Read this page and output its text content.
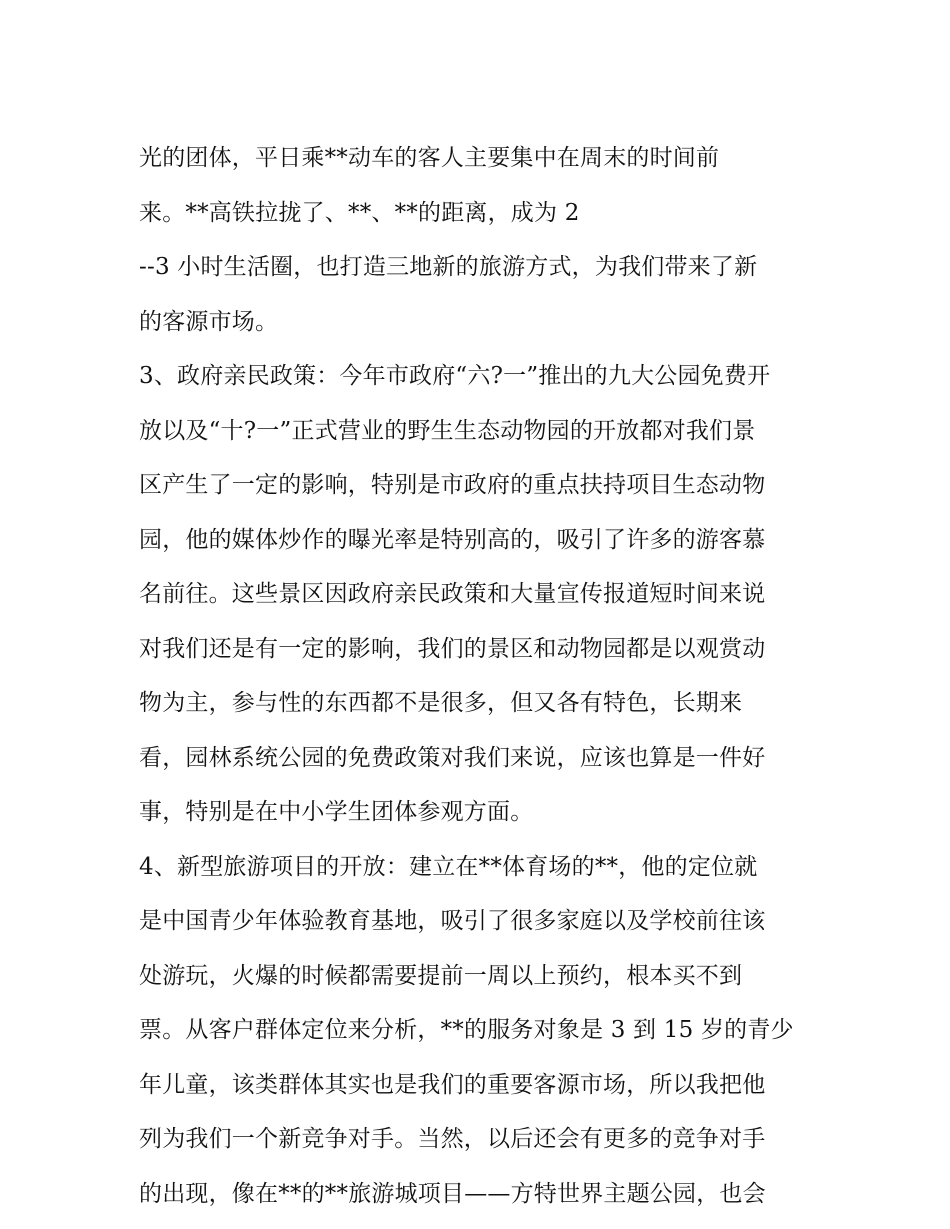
光的团体，平日乘**动车的客人主要集中在周末的时间前
来。**高铁拉拢了、**、**的距离，成为 2
--3 小时生活圈，也打造三地新的旅游方式，为我们带来了新
的客源市场。
3、政府亲民政策：今年市政府“六?一”推出的九大公园免费开
放以及“十?一”正式营业的野生生态动物园的开放都对我们景
区产生了一定的影响，特别是市政府的重点扶持项目生态动物
园，他的媒体炒作的曝光率是特别高的，吸引了许多的游客慕
名前往。这些景区因政府亲民政策和大量宣传报道短时间来说
对我们还是有一定的影响，我们的景区和动物园都是以观赏动
物为主，参与性的东西都不是很多，但又各有特色，长期来
看，园林系统公园的免费政策对我们来说，应该也算是一件好
事，特别是在中小学生团体参观方面。
4、新型旅游项目的开放：建立在**体育场的**，他的定位就
是中国青少年体验教育基地，吸引了很多家庭以及学校前往该
处游玩，火爆的时候都需要提前一周以上预约，根本买不到
票。从客户群体定位来分析，**的服务对象是 3 到 15 岁的青少
年儿童，该类群体其实也是我们的重要客源市场，所以我把他
列为我们一个新竞争对手。当然，以后还会有更多的竞争对手
的出现，像在**的**旅游城项目——方特世界主题公园，也会
